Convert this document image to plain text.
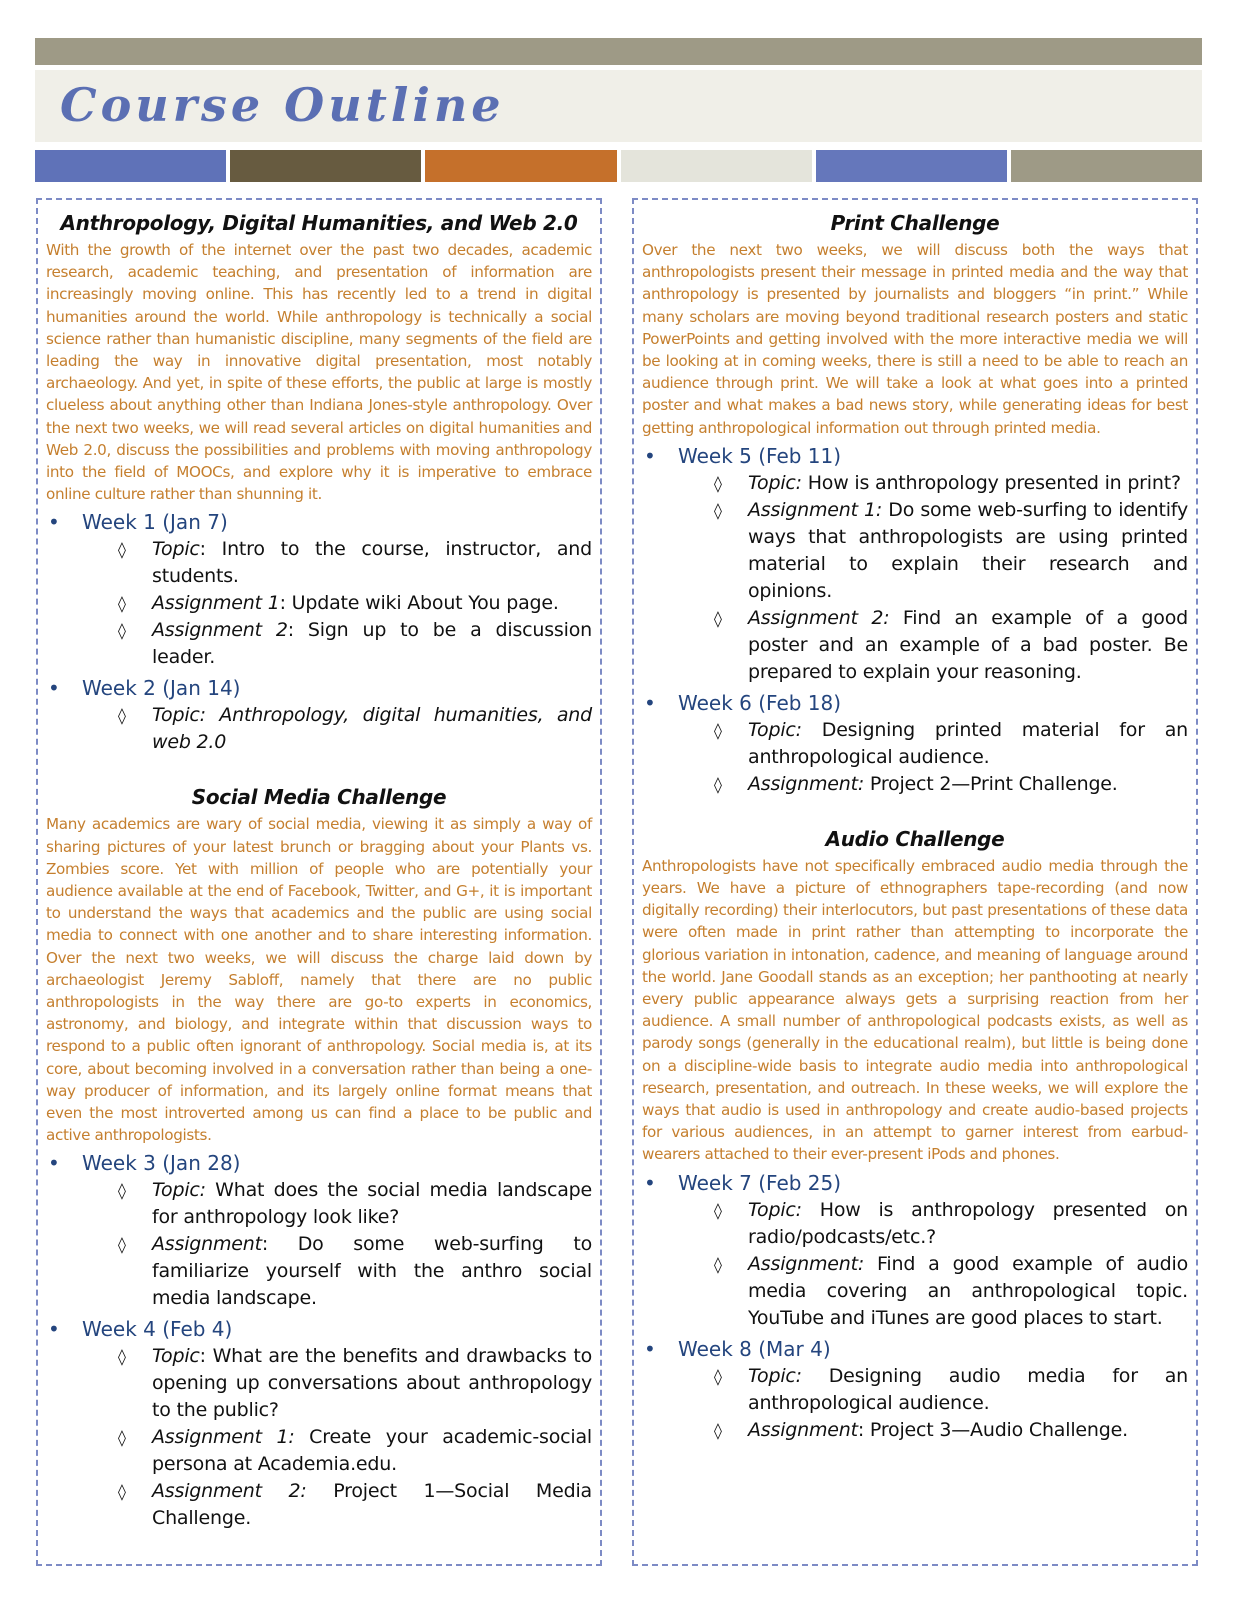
Course Outline
Anthropology, Digital Humanities, and Web 2.0

With the growth of the internet over the past two decades, academic research, academic teaching, and presentation of information are increasingly moving online. This has recently led to a trend in digital humanities around the world. While anthropology is technically a social science rather than humanistic discipline, many segments of the field are leading the way in innovative digital presentation, most notably archaeology. And yet, in spite of these efforts, the public at large is mostly clueless about anything other than Indiana Jones-style anthropology. Over the next two weeks, we will read several articles on digital humanities and Web 2.0, discuss the possibilities and problems with moving anthropology into the field of MOOCs, and explore why it is imperative to embrace online culture rather than shunning it.

• Week 1 (Jan 7)
◊ Topic: Intro to the course, instructor, and students.
◊ Assignment 1: Update wiki About You page.
◊ Assignment 2: Sign up to be a discussion leader.
• Week 2 (Jan 14)
◊ Topic: Anthropology, digital humanities, and web 2.0
Social Media Challenge

Many academics are wary of social media, viewing it as simply a way of sharing pictures of your latest brunch or bragging about your Plants vs. Zombies score. Yet with million of people who are potentially your audience available at the end of Facebook, Twitter, and G+, it is important to understand the ways that academics and the public are using social media to connect with one another and to share interesting information. Over the next two weeks, we will discuss the charge laid down by archaeologist Jeremy Sabloff, namely that there are no public anthropologists in the way there are go-to experts in economics, astronomy, and biology, and integrate within that discussion ways to respond to a public often ignorant of anthropology. Social media is, at its core, about becoming involved in a conversation rather than being a one-way producer of information, and its largely online format means that even the most introverted among us can find a place to be public and active anthropologists.

• Week 3 (Jan 28)
◊ Topic: What does the social media landscape for anthropology look like?
◊ Assignment: Do some web-surfing to familiarize yourself with the anthro social media landscape.
• Week 4 (Feb 4)
◊ Topic: What are the benefits and drawbacks to opening up conversations about anthropology to the public?
◊ Assignment 1: Create your academic-social persona at Academia.edu.
◊ Assignment 2: Project 1—Social Media Challenge.
Print Challenge

Over the next two weeks, we will discuss both the ways that anthropologists present their message in printed media and the way that anthropology is presented by journalists and bloggers “in print.” While many scholars are moving beyond traditional research posters and static PowerPoints and getting involved with the more interactive media we will be looking at in coming weeks, there is still a need to be able to reach an audience through print. We will take a look at what goes into a printed poster and what makes a bad news story, while generating ideas for best getting anthropological information out through printed media.

• Week 5 (Feb 11)
◊ Topic: How is anthropology presented in print?
◊ Assignment 1: Do some web-surfing to identify ways that anthropologists are using printed material to explain their research and opinions.
◊ Assignment 2: Find an example of a good poster and an example of a bad poster. Be prepared to explain your reasoning.
• Week 6 (Feb 18)
◊ Topic: Designing printed material for an anthropological audience.
◊ Assignment: Project 2—Print Challenge.
Audio Challenge

Anthropologists have not specifically embraced audio media through the years. We have a picture of ethnographers tape-recording (and now digitally recording) their interlocutors, but past presentations of these data were often made in print rather than attempting to incorporate the glorious variation in intonation, cadence, and meaning of language around the world. Jane Goodall stands as an exception; her panthooting at nearly every public appearance always gets a surprising reaction from her audience. A small number of anthropological podcasts exists, as well as parody songs (generally in the educational realm), but little is being done on a discipline-wide basis to integrate audio media into anthropological research, presentation, and outreach. In these weeks, we will explore the ways that audio is used in anthropology and create audio-based projects for various audiences, in an attempt to garner interest from earbud-wearers attached to their ever-present iPods and phones.

• Week 7 (Feb 25)
◊ Topic: How is anthropology presented on radio/podcasts/etc.?
◊ Assignment: Find a good example of audio media covering an anthropological topic. YouTube and iTunes are good places to start.
• Week 8 (Mar 4)
◊ Topic: Designing audio media for an anthropological audience.
◊ Assignment: Project 3—Audio Challenge.
